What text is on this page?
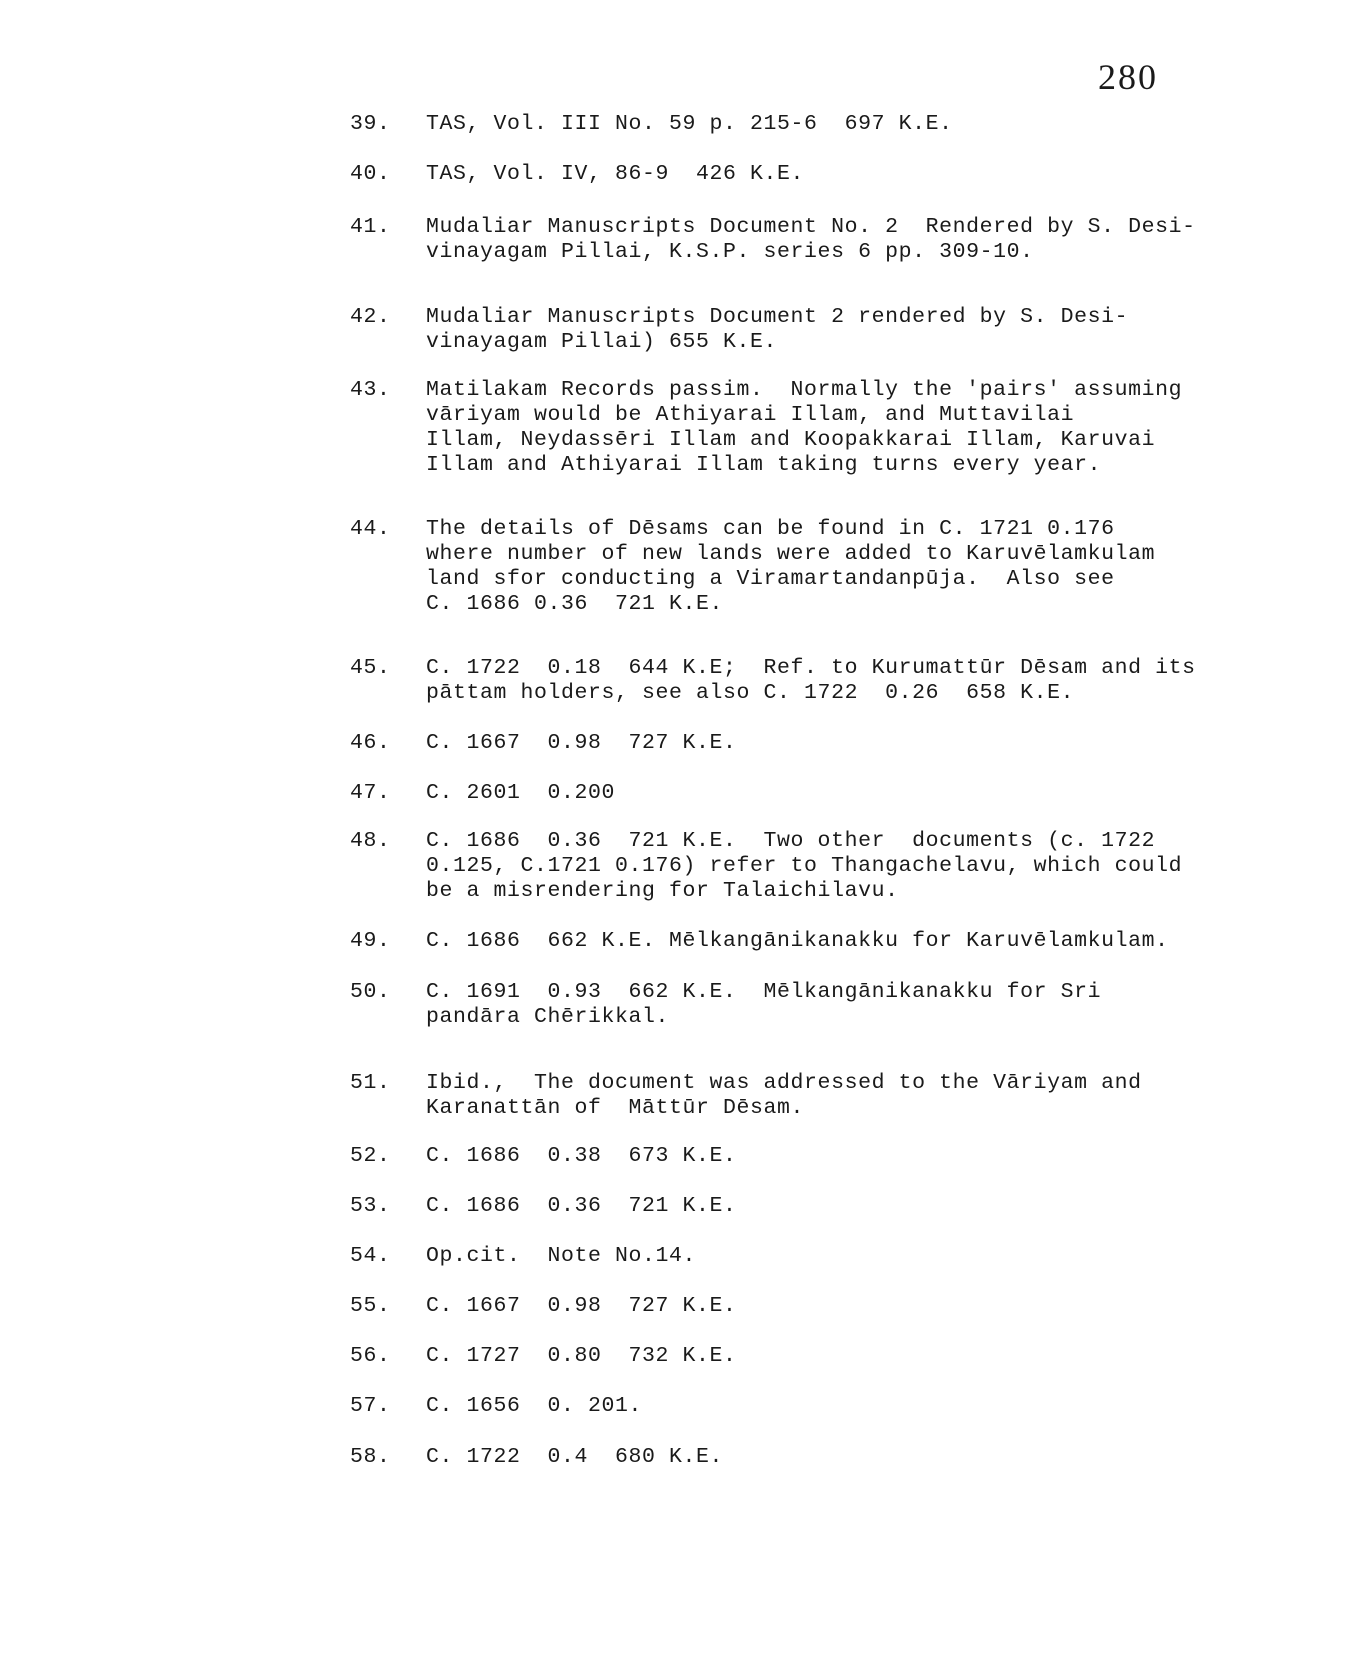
280
39.	TAS, Vol. III No. 59 p. 215-6  697 K.E.
40.	TAS, Vol. IV, 86-9  426 K.E.
41.	Mudaliar Manuscripts Document No. 2  Rendered by S. Desi-
vinayagam Pillai, K.S.P. series 6 pp. 309-10.
42.	Mudaliar Manuscripts Document 2 rendered by S. Desi-
vinayagam Pillai) 655 K.E.
43.	Matilakam Records passim.  Normally the 'pairs' assuming
vāriyam would be Athiyarai Illam, and Muttavilai
Illam, Neydassēri Illam and Koopakkarai Illam, Karuvai
Illam and Athiyarai Illam taking turns every year.
44.	The details of Dēsams can be found in C. 1721 0.176
where number of new lands were added to Karuvēlamkulam
land sfor conducting a Viramartandanpūja.  Also see
C. 1686 0.36  721 K.E.
45.	C. 1722  0.18  644 K.E;  Ref. to Kurumattūr Dēsam and its
pāttam holders, see also C. 1722  0.26  658 K.E.
46.	C. 1667  0.98  727 K.E.
47.	C. 2601  0.200
48.	C. 1686  0.36  721 K.E.  Two other  documents (c. 1722
0.125, C.1721 0.176) refer to Thangachelavu, which could
be a misrendering for Talaichilavu.
49.	C. 1686  662 K.E. Mēlkangānikanakku for Karuvēlamkulam.
50.	C. 1691  0.93  662 K.E.  Mēlkangānikanakku for Sri
pandāra Chērikkal.
51.	Ibid.,  The document was addressed to the Vāriyam and
Karanattān of  Māttūr Dēsam.
52.	C. 1686  0.38  673 K.E.
53.	C. 1686  0.36  721 K.E.
54.	Op.cit.  Note No.14.
55.	C. 1667  0.98  727 K.E.
56.	C. 1727  0.80  732 K.E.
57.	C. 1656  0. 201.
58.	C. 1722  0.4  680 K.E.
